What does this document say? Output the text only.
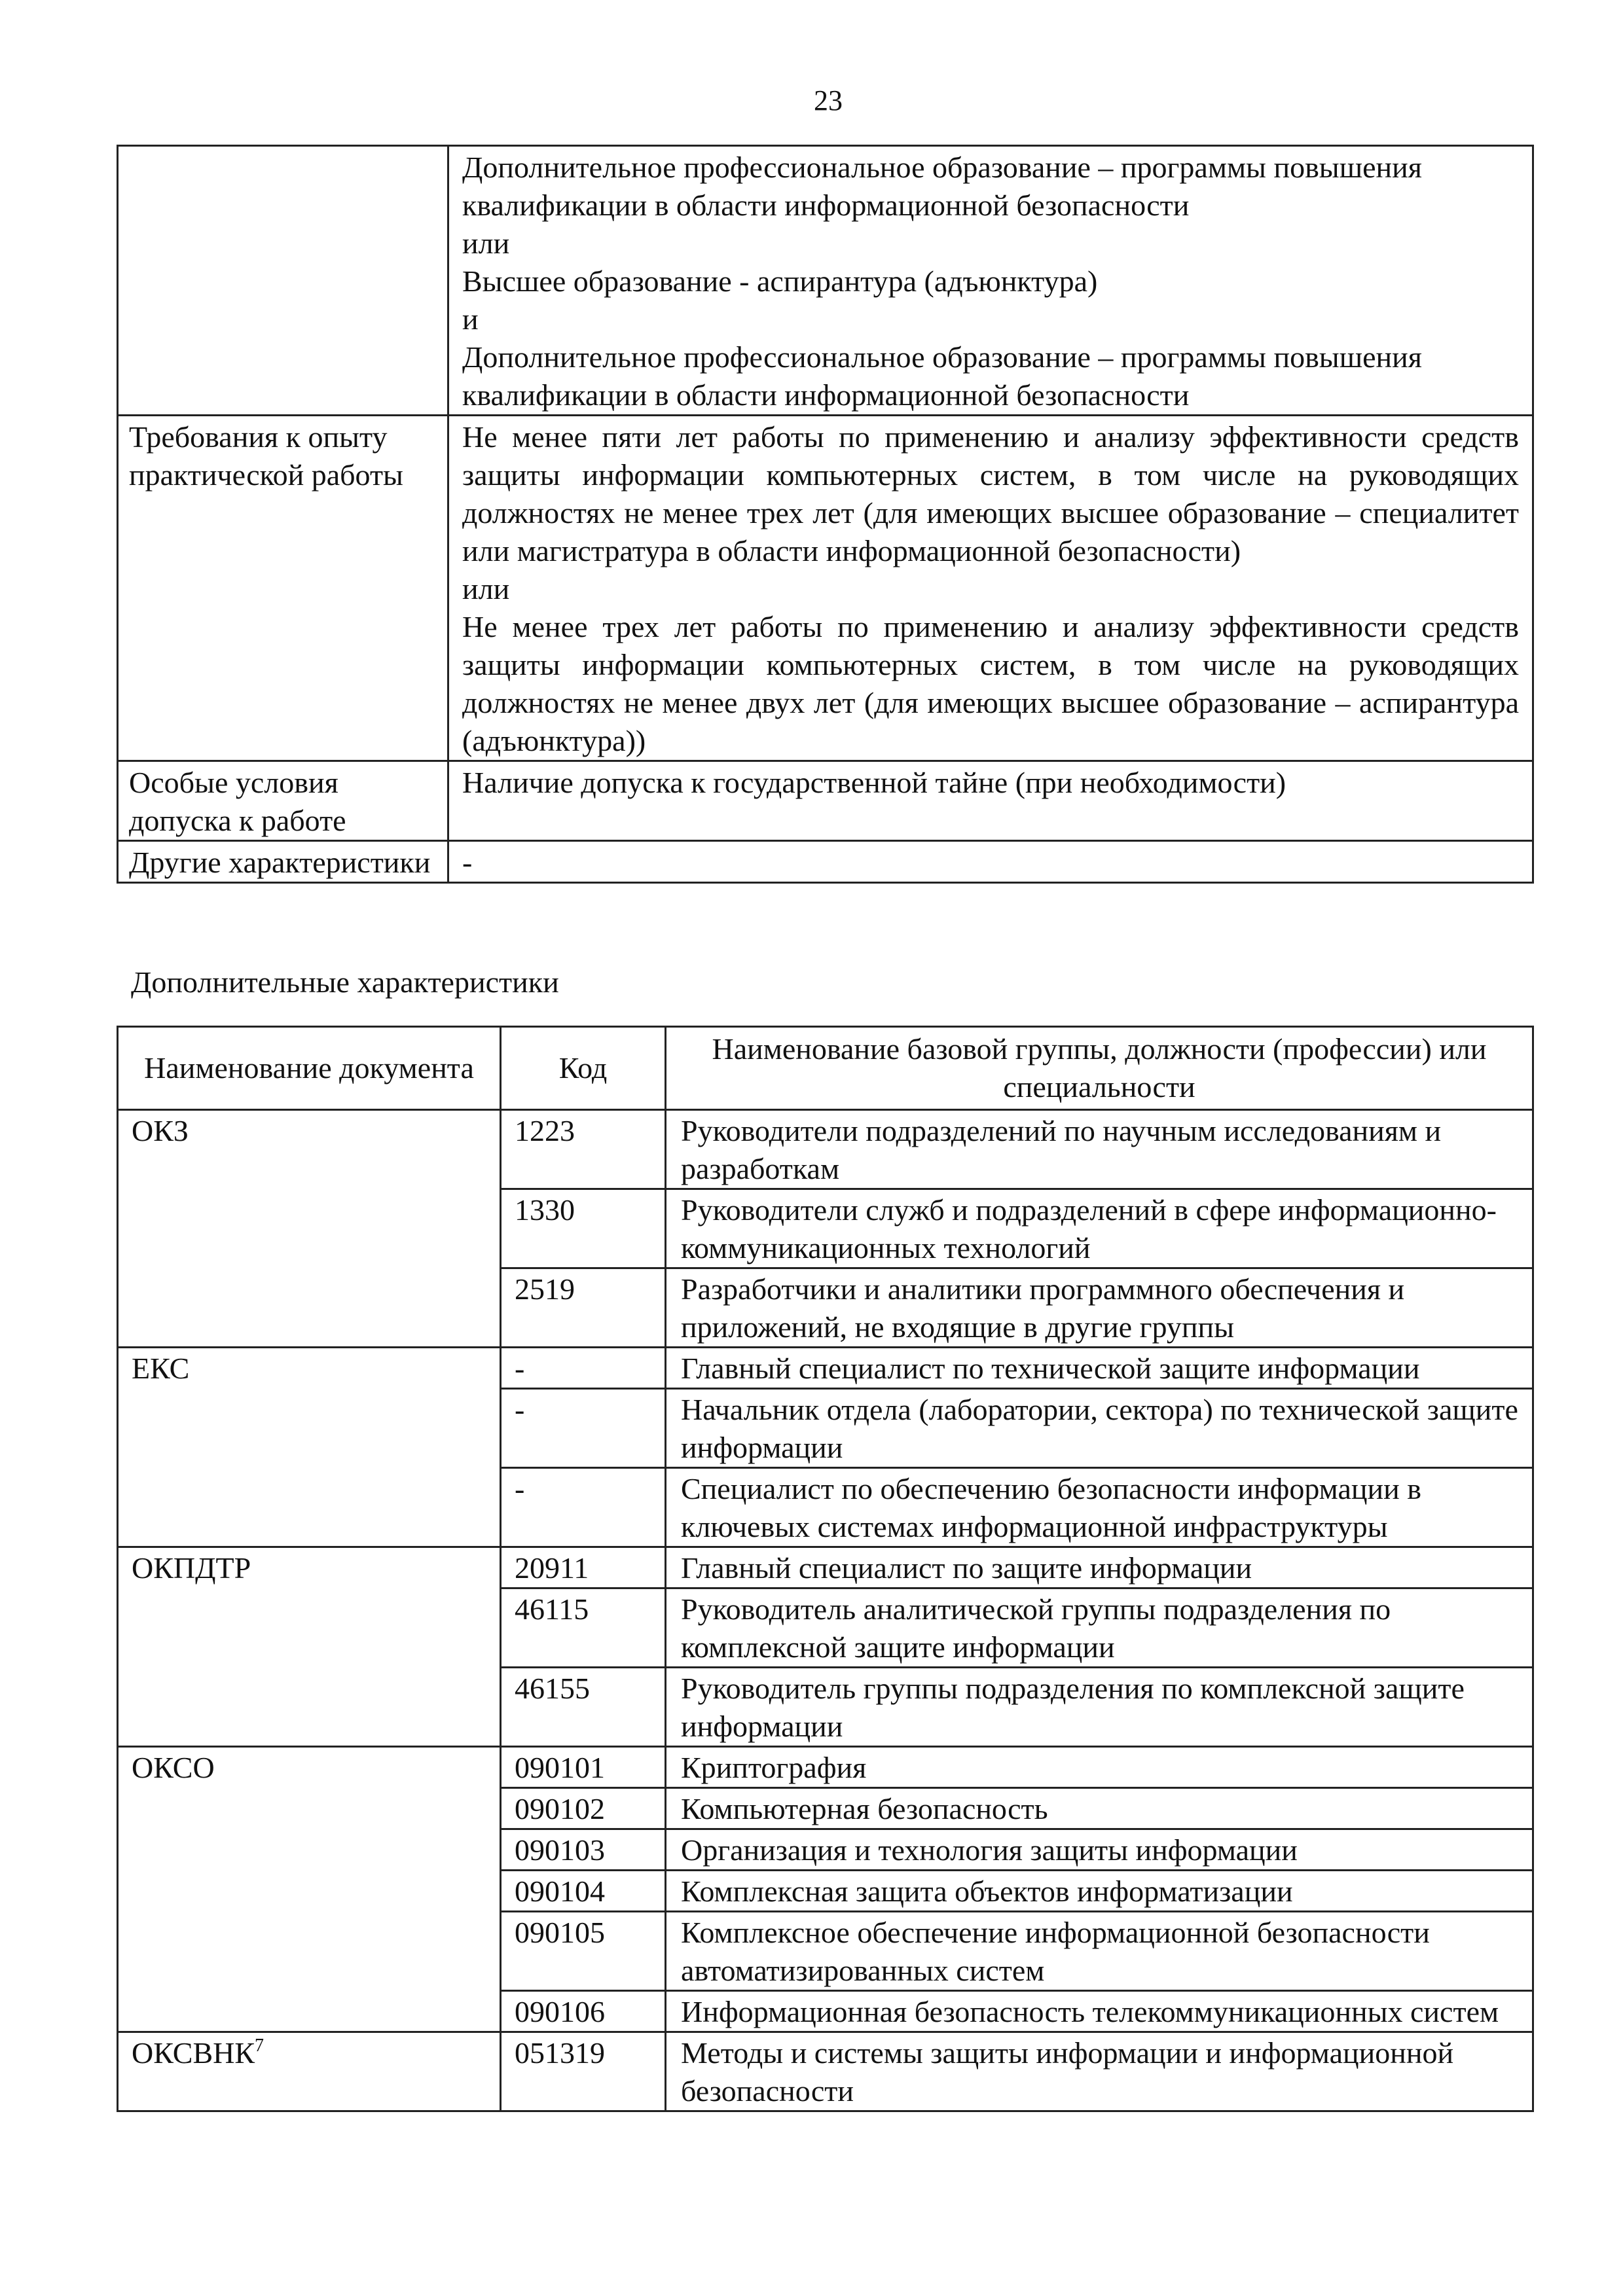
23

	Дополнительное профессиональное образование – программы повышения квалификации в области информационной безопасности
или
Высшее образование - аспирантура (адъюнктура)
и
Дополнительное профессиональное образование – программы повышения квалификации в области информационной безопасности

Требования к опыту практической работы	Не менее пяти лет работы по применению и анализу эффективности средств защиты информации компьютерных систем, в том числе на руководящих должностях не менее трех лет (для имеющих высшее образование – специалитет или магистратура в области информационной безопасности)
или
Не менее трех лет работы по применению и анализу эффективности средств защиты информации компьютерных систем, в том числе на руководящих должностях не менее двух лет (для имеющих высшее образование – аспирантура (адъюнктура))

Особые условия допуска к работе	Наличие допуска к государственной тайне (при необходимости)

Другие характеристики	-
Дополнительные характеристики
Наименование документа	Код	Наименование базовой группы, должности (профессии) или специальности
ОКЗ	1223	Руководители подразделений по научным исследованиям и разработкам
	1330	Руководители служб и подразделений в сфере информационно-коммуникационных технологий
	2519	Разработчики и аналитики программного обеспечения и приложений, не входящие в другие группы
ЕКС	-	Главный специалист по технической защите информации
	-	Начальник отдела (лаборатории, сектора) по технической защите информации
	-	Специалист по обеспечению безопасности информации в ключевых системах информационной инфраструктуры
ОКПДТР	20911	Главный специалист по защите информации
	46115	Руководитель аналитической группы подразделения по комплексной защите информации
	46155	Руководитель группы подразделения по комплексной защите информации
ОКСО	090101	Криптография
	090102	Компьютерная безопасность
	090103	Организация и технология защиты информации
	090104	Комплексная защита объектов информатизации
	090105	Комплексное обеспечение информационной безопасности автоматизированных систем
	090106	Информационная безопасность телекоммуникационных систем
ОКСВНК$^7$	051319	Методы и системы защиты информации и информационной безопасности
